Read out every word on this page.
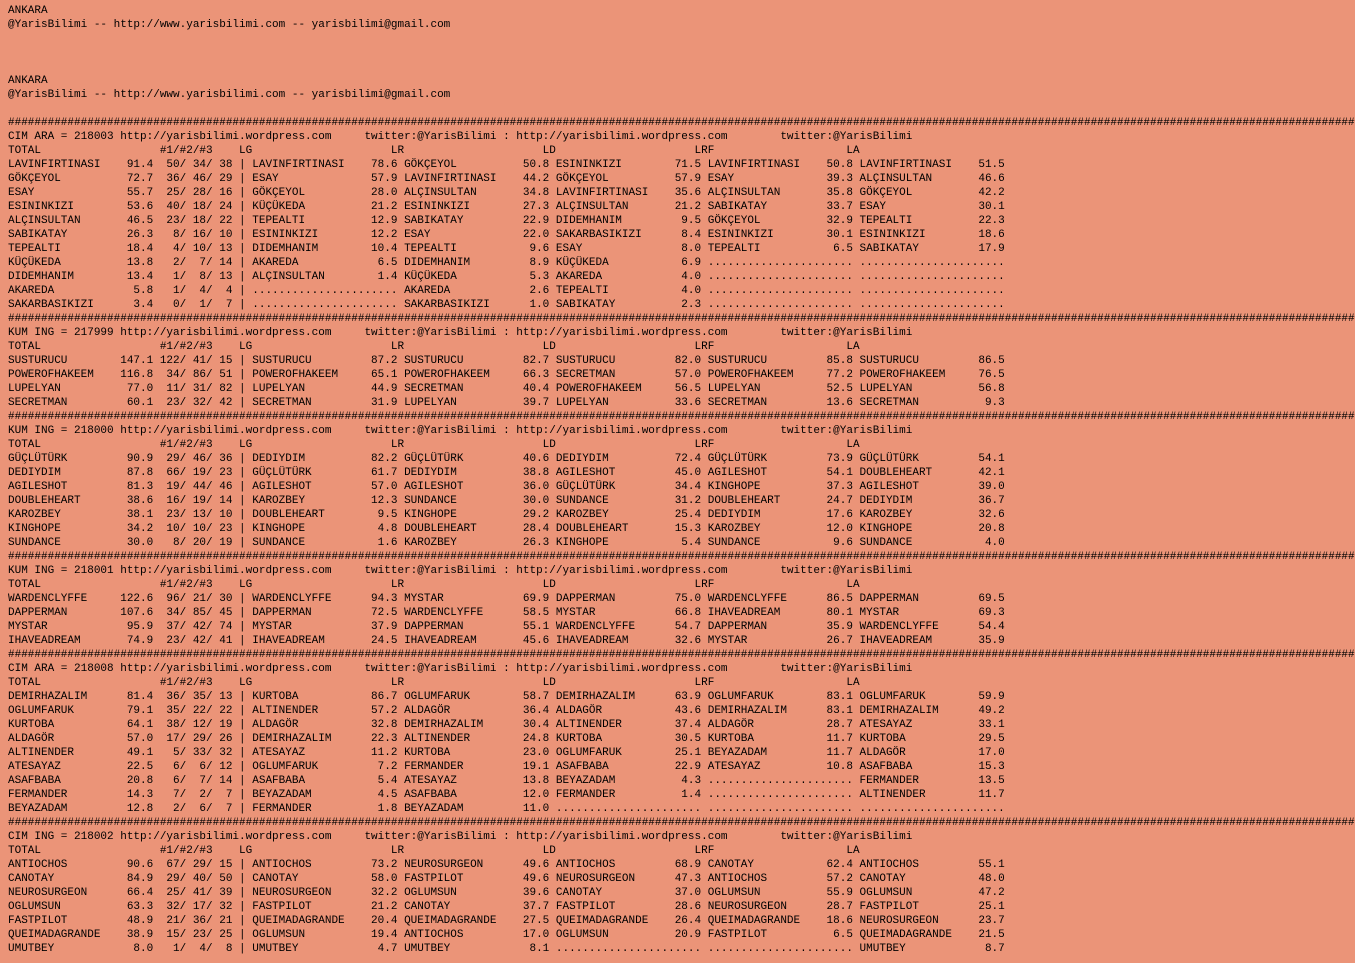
ANKARA
@YarisBilimi -- http://www.yarisbilimi.com -- yarisbilimi@gmail.com
ANKARA
@YarisBilimi -- http://www.yarisbilimi.com -- yarisbilimi@gmail.com
############################################################################################################################################################################################################
CIM ARA = 218003 http://yarisbilimi.wordpress.com     twitter:@YarisBilimi : http://yarisbilimi.wordpress.com        twitter:@YarisBilimi
TOTAL                  #1/#2/#3    LG                     LR                     LD                     LRF                    LA
LAVINFIRTINASI    91.4  50/ 34/ 38 | LAVINFIRTINASI    78.6 GÖKÇEYOL          50.8 ESININKIZI        71.5 LAVINFIRTINASI    50.8 LAVINFIRTINASI    51.5
GÖKÇEYOL          72.7  36/ 46/ 29 | ESAY              57.9 LAVINFIRTINASI    44.2 GÖKÇEYOL          57.9 ESAY              39.3 ALÇINSULTAN       46.6
ESAY              55.7  25/ 28/ 16 | GÖKÇEYOL          28.0 ALÇINSULTAN       34.8 LAVINFIRTINASI    35.6 ALÇINSULTAN       35.8 GÖKÇEYOL          42.2
ESININKIZI        53.6  40/ 18/ 24 | KÜÇÜKEDA          21.2 ESININKIZI        27.3 ALÇINSULTAN       21.2 SABIKATAY         33.7 ESAY              30.1
ALÇINSULTAN       46.5  23/ 18/ 22 | TEPEALTI          12.9 SABIKATAY         22.9 DIDEMHANIM         9.5 GÖKÇEYOL          32.9 TEPEALTI          22.3
SABIKATAY         26.3   8/ 16/ 10 | ESININKIZI        12.2 ESAY              22.0 SAKARBASIKIZI      8.4 ESININKIZI        30.1 ESININKIZI        18.6
TEPEALTI          18.4   4/ 10/ 13 | DIDEMHANIM        10.4 TEPEALTI           9.6 ESAY               8.0 TEPEALTI           6.5 SABIKATAY         17.9
KÜÇÜKEDA          13.8   2/  7/ 14 | AKAREDA            6.5 DIDEMHANIM         8.9 KÜÇÜKEDA           6.9 ...................... ......................
DIDEMHANIM        13.4   1/  8/ 13 | ALÇINSULTAN        1.4 KÜÇÜKEDA           5.3 AKAREDA            4.0 ...................... ......................
AKAREDA            5.8   1/  4/  4 | ...................... AKAREDA            2.6 TEPEALTI           4.0 ...................... ......................
SAKARBASIKIZI      3.4   0/  1/  7 | ...................... SAKARBASIKIZI      1.0 SABIKATAY          2.3 ...................... ......................
############################################################################################################################################################################################################
KUM ING = 217999 http://yarisbilimi.wordpress.com     twitter:@YarisBilimi : http://yarisbilimi.wordpress.com        twitter:@YarisBilimi
TOTAL                  #1/#2/#3    LG                     LR                     LD                     LRF                    LA
SUSTURUCU        147.1 122/ 41/ 15 | SUSTURUCU         87.2 SUSTURUCU         82.7 SUSTURUCU         82.0 SUSTURUCU         85.8 SUSTURUCU         86.5
POWEROFHAKEEM    116.8  34/ 86/ 51 | POWEROFHAKEEM     65.1 POWEROFHAKEEM     66.3 SECRETMAN         57.0 POWEROFHAKEEM     77.2 POWEROFHAKEEM     76.5
LUPELYAN          77.0  11/ 31/ 82 | LUPELYAN          44.9 SECRETMAN         40.4 POWEROFHAKEEM     56.5 LUPELYAN          52.5 LUPELYAN          56.8
SECRETMAN         60.1  23/ 32/ 42 | SECRETMAN         31.9 LUPELYAN          39.7 LUPELYAN          33.6 SECRETMAN         13.6 SECRETMAN          9.3
############################################################################################################################################################################################################
KUM ING = 218000 http://yarisbilimi.wordpress.com     twitter:@YarisBilimi : http://yarisbilimi.wordpress.com        twitter:@YarisBilimi
TOTAL                  #1/#2/#3    LG                     LR                     LD                     LRF                    LA
GÜÇLÜTÜRK         90.9  29/ 46/ 36 | DEDIYDIM          82.2 GÜÇLÜTÜRK         40.6 DEDIYDIM          72.4 GÜÇLÜTÜRK         73.9 GÜÇLÜTÜRK         54.1
DEDIYDIM          87.8  66/ 19/ 23 | GÜÇLÜTÜRK         61.7 DEDIYDIM          38.8 AGILESHOT         45.0 AGILESHOT         54.1 DOUBLEHEART       42.1
AGILESHOT         81.3  19/ 44/ 46 | AGILESHOT         57.0 AGILESHOT         36.0 GÜÇLÜTÜRK         34.4 KINGHOPE          37.3 AGILESHOT         39.0
DOUBLEHEART       38.6  16/ 19/ 14 | KAROZBEY          12.3 SUNDANCE          30.0 SUNDANCE          31.2 DOUBLEHEART       24.7 DEDIYDIM          36.7
KAROZBEY          38.1  23/ 13/ 10 | DOUBLEHEART        9.5 KINGHOPE          29.2 KAROZBEY          25.4 DEDIYDIM          17.6 KAROZBEY          32.6
KINGHOPE          34.2  10/ 10/ 23 | KINGHOPE           4.8 DOUBLEHEART       28.4 DOUBLEHEART       15.3 KAROZBEY          12.0 KINGHOPE          20.8
SUNDANCE          30.0   8/ 20/ 19 | SUNDANCE           1.6 KAROZBEY          26.3 KINGHOPE           5.4 SUNDANCE           9.6 SUNDANCE           4.0
############################################################################################################################################################################################################
KUM ING = 218001 http://yarisbilimi.wordpress.com     twitter:@YarisBilimi : http://yarisbilimi.wordpress.com        twitter:@YarisBilimi
TOTAL                  #1/#2/#3    LG                     LR                     LD                     LRF                    LA
WARDENCLYFFE     122.6  96/ 21/ 30 | WARDENCLYFFE      94.3 MYSTAR            69.9 DAPPERMAN         75.0 WARDENCLYFFE      86.5 DAPPERMAN         69.5
DAPPERMAN        107.6  34/ 85/ 45 | DAPPERMAN         72.5 WARDENCLYFFE      58.5 MYSTAR            66.8 IHAVEADREAM       80.1 MYSTAR            69.3
MYSTAR            95.9  37/ 42/ 74 | MYSTAR            37.9 DAPPERMAN         55.1 WARDENCLYFFE      54.7 DAPPERMAN         35.9 WARDENCLYFFE      54.4
IHAVEADREAM       74.9  23/ 42/ 41 | IHAVEADREAM       24.5 IHAVEADREAM       45.6 IHAVEADREAM       32.6 MYSTAR            26.7 IHAVEADREAM       35.9
############################################################################################################################################################################################################
CIM ARA = 218008 http://yarisbilimi.wordpress.com     twitter:@YarisBilimi : http://yarisbilimi.wordpress.com        twitter:@YarisBilimi
TOTAL                  #1/#2/#3    LG                     LR                     LD                     LRF                    LA
DEMIRHAZALIM      81.4  36/ 35/ 13 | KURTOBA           86.7 OGLUMFARUK        58.7 DEMIRHAZALIM      63.9 OGLUMFARUK        83.1 OGLUMFARUK        59.9
OGLUMFARUK        79.1  35/ 22/ 22 | ALTINENDER        57.2 ALDAGÖR           36.4 ALDAGÖR           43.6 DEMIRHAZALIM      83.1 DEMIRHAZALIM      49.2
KURTOBA           64.1  38/ 12/ 19 | ALDAGÖR           32.8 DEMIRHAZALIM      30.4 ALTINENDER        37.4 ALDAGÖR           28.7 ATESAYAZ          33.1
ALDAGÖR           57.0  17/ 29/ 26 | DEMIRHAZALIM      22.3 ALTINENDER        24.8 KURTOBA           30.5 KURTOBA           11.7 KURTOBA           29.5
ALTINENDER        49.1   5/ 33/ 32 | ATESAYAZ          11.2 KURTOBA           23.0 OGLUMFARUK        25.1 BEYAZADAM         11.7 ALDAGÖR           17.0
ATESAYAZ          22.5   6/  6/ 12 | OGLUMFARUK         7.2 FERMANDER         19.1 ASAFBABA          22.9 ATESAYAZ          10.8 ASAFBABA          15.3
ASAFBABA          20.8   6/  7/ 14 | ASAFBABA           5.4 ATESAYAZ          13.8 BEYAZADAM          4.3 ...................... FERMANDER         13.5
FERMANDER         14.3   7/  2/  7 | BEYAZADAM          4.5 ASAFBABA          12.0 FERMANDER          1.4 ...................... ALTINENDER        11.7
BEYAZADAM         12.8   2/  6/  7 | FERMANDER          1.8 BEYAZADAM         11.0 ...................... ...................... ......................
############################################################################################################################################################################################################
CIM ING = 218002 http://yarisbilimi.wordpress.com     twitter:@YarisBilimi : http://yarisbilimi.wordpress.com        twitter:@YarisBilimi
TOTAL                  #1/#2/#3    LG                     LR                     LD                     LRF                    LA
ANTIOCHOS         90.6  67/ 29/ 15 | ANTIOCHOS         73.2 NEUROSURGEON      49.6 ANTIOCHOS         68.9 CANOTAY           62.4 ANTIOCHOS         55.1
CANOTAY           84.9  29/ 40/ 50 | CANOTAY           58.0 FASTPILOT         49.6 NEUROSURGEON      47.3 ANTIOCHOS         57.2 CANOTAY           48.0
NEUROSURGEON      66.4  25/ 41/ 39 | NEUROSURGEON      32.2 OGLUMSUN          39.6 CANOTAY           37.0 OGLUMSUN          55.9 OGLUMSUN          47.2
OGLUMSUN          63.3  32/ 17/ 32 | FASTPILOT         21.2 CANOTAY           37.7 FASTPILOT         28.6 NEUROSURGEON      28.7 FASTPILOT         25.1
FASTPILOT         48.9  21/ 36/ 21 | QUEIMADAGRANDE    20.4 QUEIMADAGRANDE    27.5 QUEIMADAGRANDE    26.4 QUEIMADAGRANDE    18.6 NEUROSURGEON      23.7
QUEIMADAGRANDE    38.9  15/ 23/ 25 | OGLUMSUN          19.4 ANTIOCHOS         17.0 OGLUMSUN          20.9 FASTPILOT          6.5 QUEIMADAGRANDE    21.5
UMUTBEY            8.0   1/  4/  8 | UMUTBEY            4.7 UMUTBEY            8.1 ...................... ...................... UMUTBEY            8.7
